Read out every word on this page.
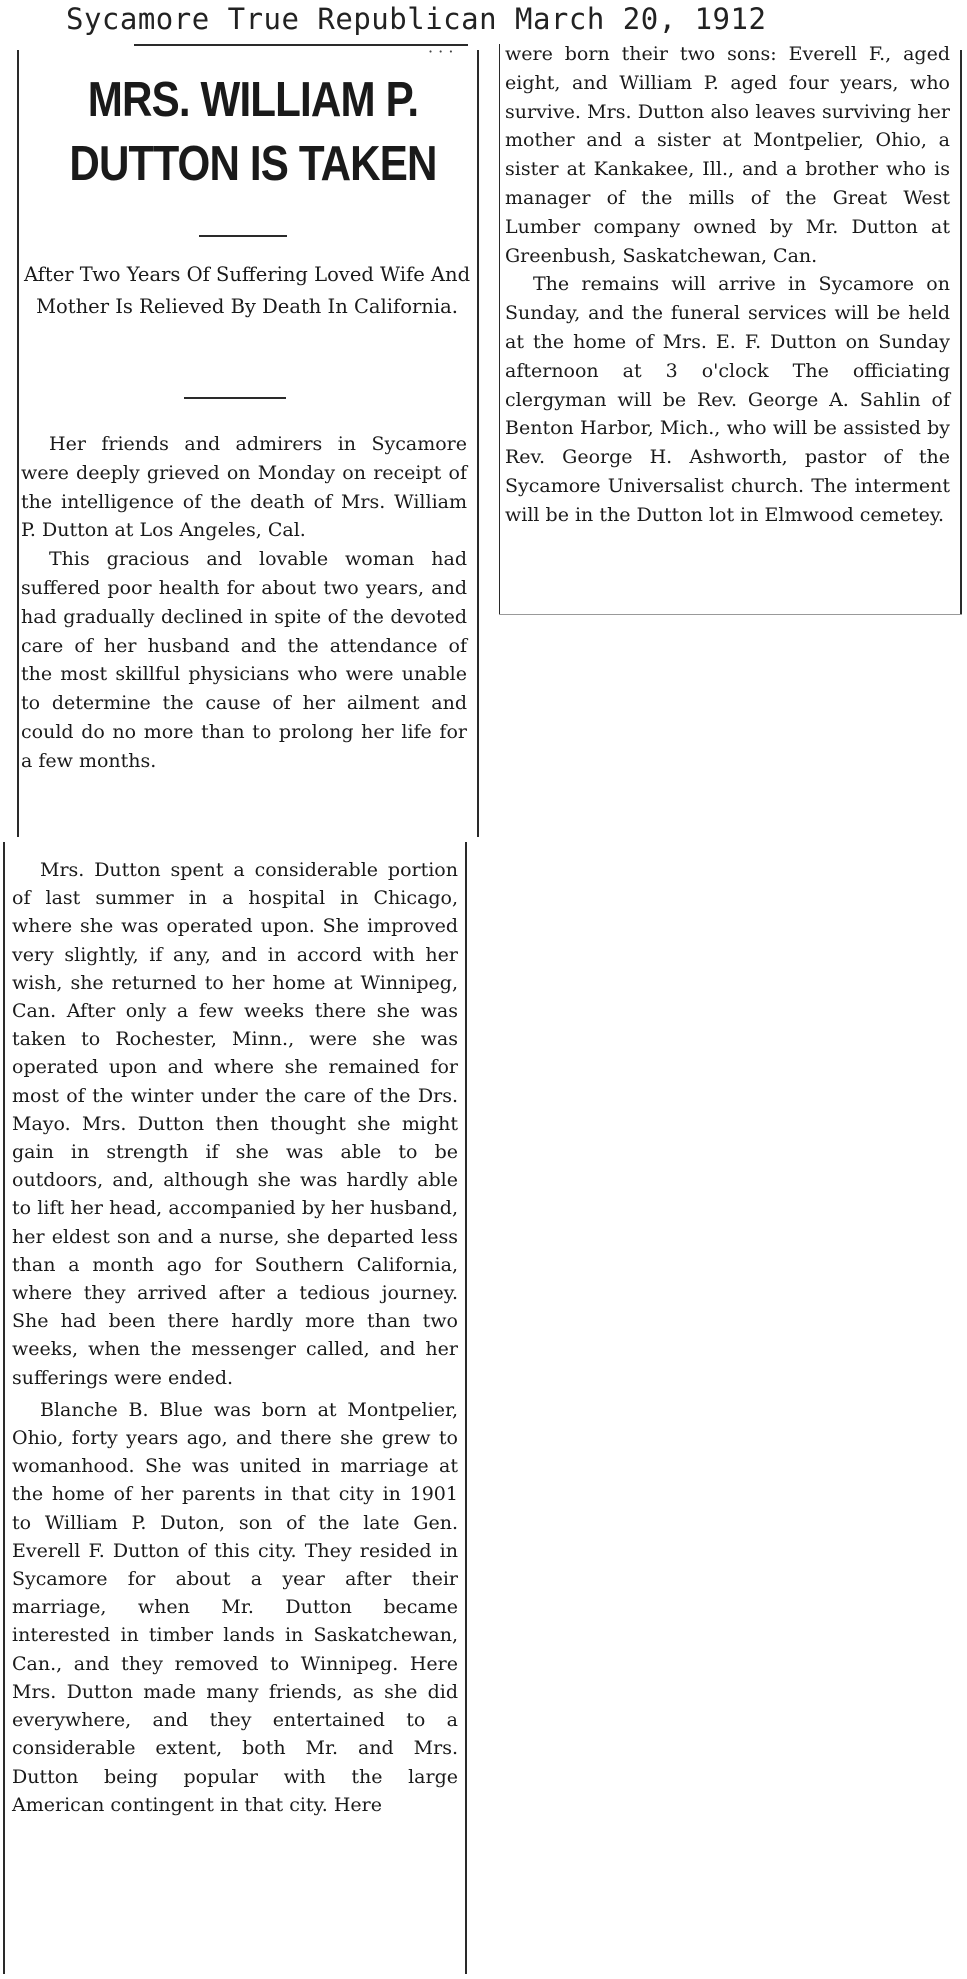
Sycamore True Republican March 20, 1912
· · ·
MRS. WILLIAM P. DUTTON IS TAKEN
After Two Years Of Suffering Loved Wife And Mother Is Relieved By Death In California.

Her friends and admirers in Sycamore were deeply grieved on Monday on receipt of the intelligence of the death of Mrs. William P. Dutton at Los Angeles, Cal.

This gracious and lovable woman had suffered poor health for about two years, and had gradually declined in spite of the devoted care of her husband and the attendance of the most skillful physicians who were unable to determine the cause of her ailment and could do no more than to prolong her life for a few months.

Mrs. Dutton spent a considerable portion of last summer in a hospital in Chicago, where she was operated upon. She improved very slightly, if any, and in accord with her wish, she returned to her home at Winnipeg, Can. After only a few weeks there she was taken to Rochester, Minn., were she was operated upon and where she remained for most of the winter under the care of the Drs. Mayo. Mrs. Dutton then thought she might gain in strength if she was able to be outdoors, and, although she was hardly able to lift her head, accompanied by her husband, her eldest son and a nurse, she departed less than a month ago for Southern California, where they arrived after a tedious journey. She had been there hardly more than two weeks, when the messenger called, and her sufferings were ended.

Blanche B. Blue was born at Montpelier, Ohio, forty years ago, and there she grew to womanhood. She was united in marriage at the home of her parents in that city in 1901 to William P. Duton, son of the late Gen. Everell F. Dutton of this city. They resided in Sycamore for about a year after their marriage, when Mr. Dutton became interested in timber lands in Saskatchewan, Can., and they removed to Winnipeg. Here Mrs. Dutton made many friends, as she did everywhere, and they entertained to a considerable extent, both Mr. and Mrs. Dutton being popular with the large American contingent in that city. Here

were born their two sons: Everell F., aged eight, and William P. aged four years, who survive. Mrs. Dutton also leaves surviving her mother and a sister at Montpelier, Ohio, a sister at Kankakee, Ill., and a brother who is manager of the mills of the Great West Lumber company owned by Mr. Dutton at Greenbush, Saskatchewan, Can.

The remains will arrive in Sycamore on Sunday, and the funeral services will be held at the home of Mrs. E. F. Dutton on Sunday afternoon at 3 o'clock The officiating clergyman will be Rev. George A. Sahlin of Benton Harbor, Mich., who will be assisted by Rev. George H. Ashworth, pastor of the Sycamore Universalist church. The interment will be in the Dutton lot in Elmwood cemetey.
